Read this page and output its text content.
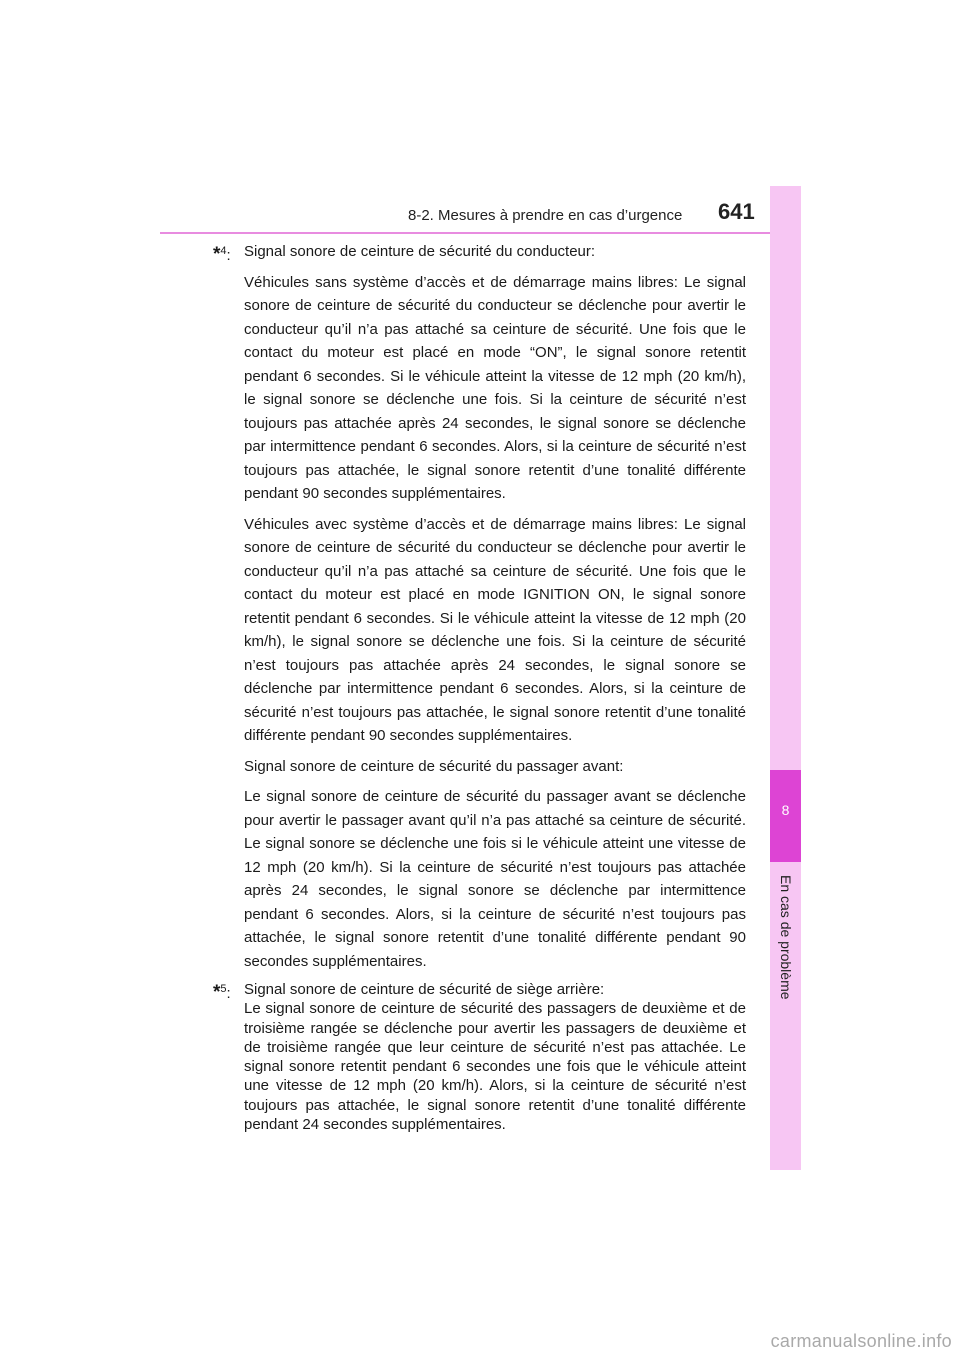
8-2. Mesures à prendre en cas d’urgence 641
8
En cas de problème
*$^4$: Signal sonore de ceinture de sécurité du conducteur:

Véhicules sans système d’accès et de démarrage mains libres: Le signal sonore de ceinture de sécurité du conducteur se déclenche pour avertir le conducteur qu’il n’a pas attaché sa ceinture de sécurité. Une fois que le contact du moteur est placé en mode “ON”, le signal sonore retentit pendant 6 secondes. Si le véhicule atteint la vitesse de 12 mph (20 km/h), le signal sonore se déclenche une fois. Si la ceinture de sécurité n’est toujours pas attachée après 24 secondes, le signal sonore se déclenche par intermittence pendant 6 secondes. Alors, si la ceinture de sécurité n’est toujours pas attachée, le signal sonore retentit d’une tonalité différente pendant 90 secondes supplémentaires.

Véhicules avec système d’accès et de démarrage mains libres: Le signal sonore de ceinture de sécurité du conducteur se déclenche pour avertir le conducteur qu’il n’a pas attaché sa ceinture de sécurité. Une fois que le contact du moteur est placé en mode IGNITION ON, le signal sonore retentit pendant 6 secondes. Si le véhicule atteint la vitesse de 12 mph (20 km/h), le signal sonore se déclenche une fois. Si la ceinture de sécurité n’est toujours pas attachée après 24 secondes, le signal sonore se déclenche par intermittence pendant 6 secondes. Alors, si la ceinture de sécurité n’est toujours pas attachée, le signal sonore retentit d’une tonalité différente pendant 90 secondes supplémentaires.

Signal sonore de ceinture de sécurité du passager avant:

Le signal sonore de ceinture de sécurité du passager avant se déclenche pour avertir le passager avant qu’il n’a pas attaché sa ceinture de sécurité. Le signal sonore se déclenche une fois si le véhicule atteint une vitesse de 12 mph (20 km/h). Si la ceinture de sécurité n’est toujours pas attachée après 24 secondes, le signal sonore se déclenche par intermittence pendant 6 secondes. Alors, si la ceinture de sécurité n’est toujours pas attachée, le signal sonore retentit d’une tonalité différente pendant 90 secondes supplémentaires.

*$^5$: Signal sonore de ceinture de sécurité de siège arrière:

Le signal sonore de ceinture de sécurité des passagers de deuxième et de troisième rangée se déclenche pour avertir les passagers de deuxième et de troisième rangée que leur ceinture de sécurité n’est pas attachée. Le signal sonore retentit pendant 6 secondes une fois que le véhicule atteint une vitesse de 12 mph (20 km/h). Alors, si la ceinture de sécurité n’est toujours pas attachée, le signal sonore retentit d’une tonalité différente pendant 24 secondes supplémentaires.

carmanualsonline.info
